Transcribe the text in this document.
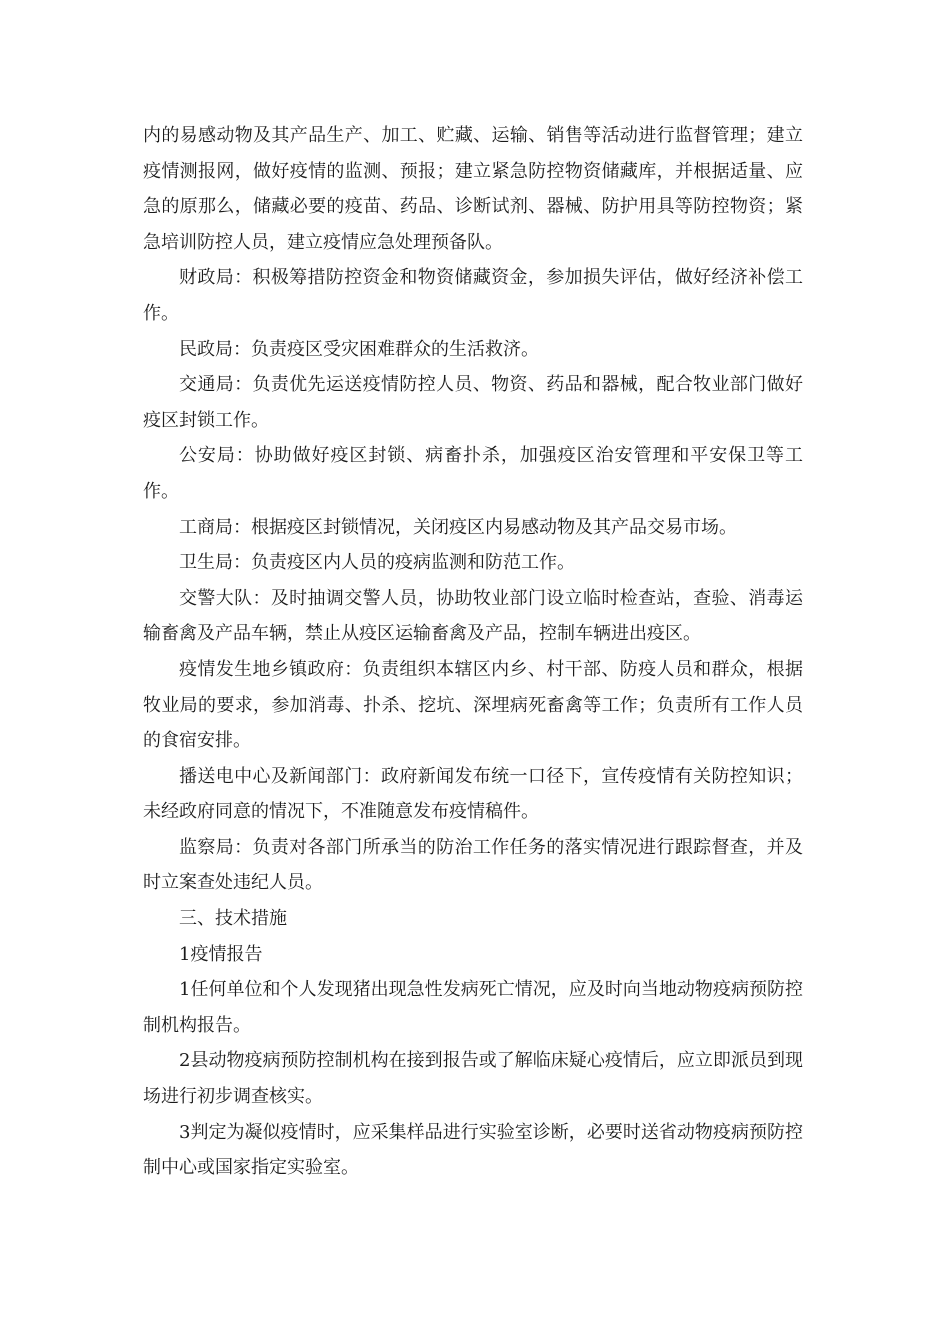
内的易感动物及其产品生产、加工、贮藏、运输、销售等活动进行监督管理；建立疫情测报网，做好疫情的监测、预报；建立紧急防控物资储藏库，并根据适量、应急的原那么，储藏必要的疫苗、药品、诊断试剂、器械、防护用具等防控物资；紧急培训防控人员，建立疫情应急处理预备队。

财政局：积极筹措防控资金和物资储藏资金，参加损失评估，做好经济补偿工作。

民政局：负责疫区受灾困难群众的生活救济。

交通局：负责优先运送疫情防控人员、物资、药品和器械，配合牧业部门做好疫区封锁工作。

公安局：协助做好疫区封锁、病畜扑杀，加强疫区治安管理和平安保卫等工作。

工商局：根据疫区封锁情况，关闭疫区内易感动物及其产品交易市场。

卫生局：负责疫区内人员的疫病监测和防范工作。

交警大队：及时抽调交警人员，协助牧业部门设立临时检查站，查验、消毒运输畜禽及产品车辆，禁止从疫区运输畜禽及产品，控制车辆进出疫区。

疫情发生地乡镇政府：负责组织本辖区内乡、村干部、防疫人员和群众，根据牧业局的要求，参加消毒、扑杀、挖坑、深埋病死畜禽等工作；负责所有工作人员的食宿安排。

播送电中心及新闻部门：政府新闻发布统一口径下，宣传疫情有关防控知识；未经政府同意的情况下，不准随意发布疫情稿件。

监察局：负责对各部门所承当的防治工作任务的落实情况进行跟踪督查，并及时立案查处违纪人员。

三、技术措施

1疫情报告

1任何单位和个人发现猪出现急性发病死亡情况，应及时向当地动物疫病预防控制机构报告。

2县动物疫病预防控制机构在接到报告或了解临床疑心疫情后，应立即派员到现场进行初步调查核实。

3判定为凝似疫情时，应采集样品进行实验室诊断，必要时送省动物疫病预防控制中心或国家指定实验室。
